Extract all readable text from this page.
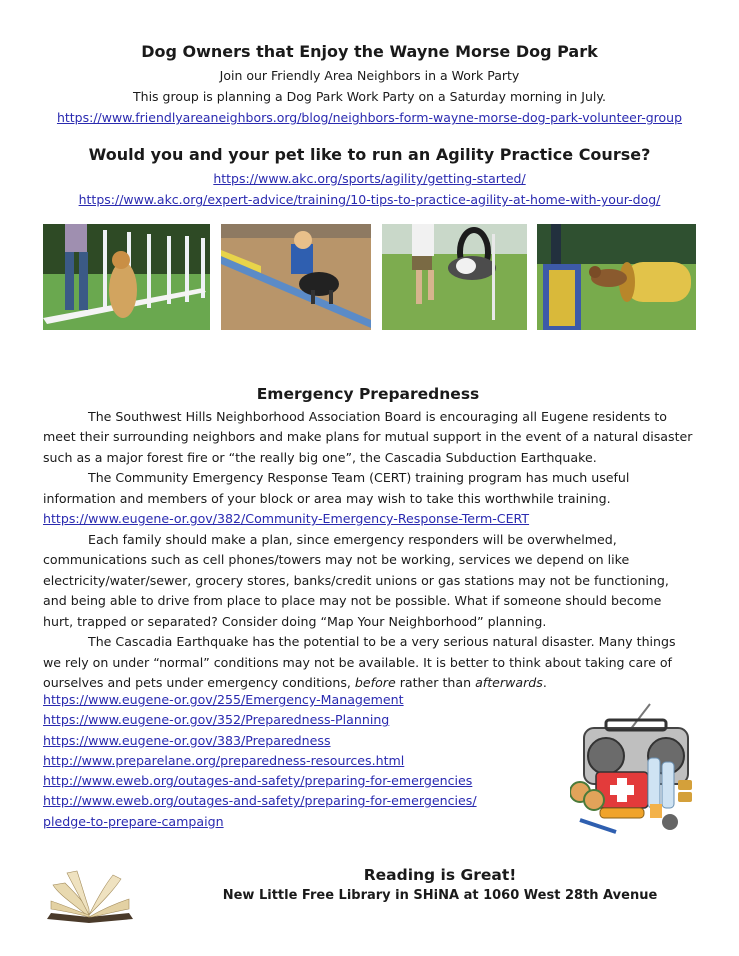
Dog Owners that Enjoy the Wayne Morse Dog Park
Join our Friendly Area Neighbors in a Work Party
This group is planning a Dog Park Work Party on a Saturday morning in July.
https://www.friendlyareaneighbors.org/blog/neighbors-form-wayne-morse-dog-park-volunteer-group
Would you and your pet like to run an Agility Practice Course?
https://www.akc.org/sports/agility/getting-started/
https://www.akc.org/expert-advice/training/10-tips-to-practice-agility-at-home-with-your-dog/
Emergency Preparedness

The Southwest Hills Neighborhood Association Board is encouraging all Eugene residents to meet their surrounding neighbors and make plans for mutual support in the event of a natural disaster such as a major forest fire or “the really big one”, the Cascadia Subduction Earthquake.

The Community Emergency Response Team (CERT) training program has much useful information and members of your block or area may wish to take this worthwhile training.

https://www.eugene-or.gov/382/Community-Emergency-Response-Term-CERT

Each family should make a plan, since emergency responders will be overwhelmed, communications such as cell phones/towers may not be working, services we depend on like electricity/water/sewer, grocery stores, banks/credit unions or gas stations may not be functioning, and being able to drive from place to place may not be possible. What if someone should become hurt, trapped or separated? Consider doing “Map Your Neighborhood” planning.

The Cascadia Earthquake has the potential to be a very serious natural disaster. Many things we rely on under “normal” conditions may not be available. It is better to think about taking care of ourselves and pets under emergency conditions, before rather than afterwards.

https://www.eugene-or.gov/255/Emergency-Management
https://www.eugene-or.gov/352/Preparedness-Planning
https://www.eugene-or.gov/383/Preparedness
http://www.preparelane.org/preparedness-resources.html
http://www.eweb.org/outages-and-safety/preparing-for-emergencies
http://www.eweb.org/outages-and-safety/preparing-for-emergencies/
pledge-to-prepare-campaign
Reading is Great!
New Little Free Library in SHiNA at 1060 West 28th Avenue
